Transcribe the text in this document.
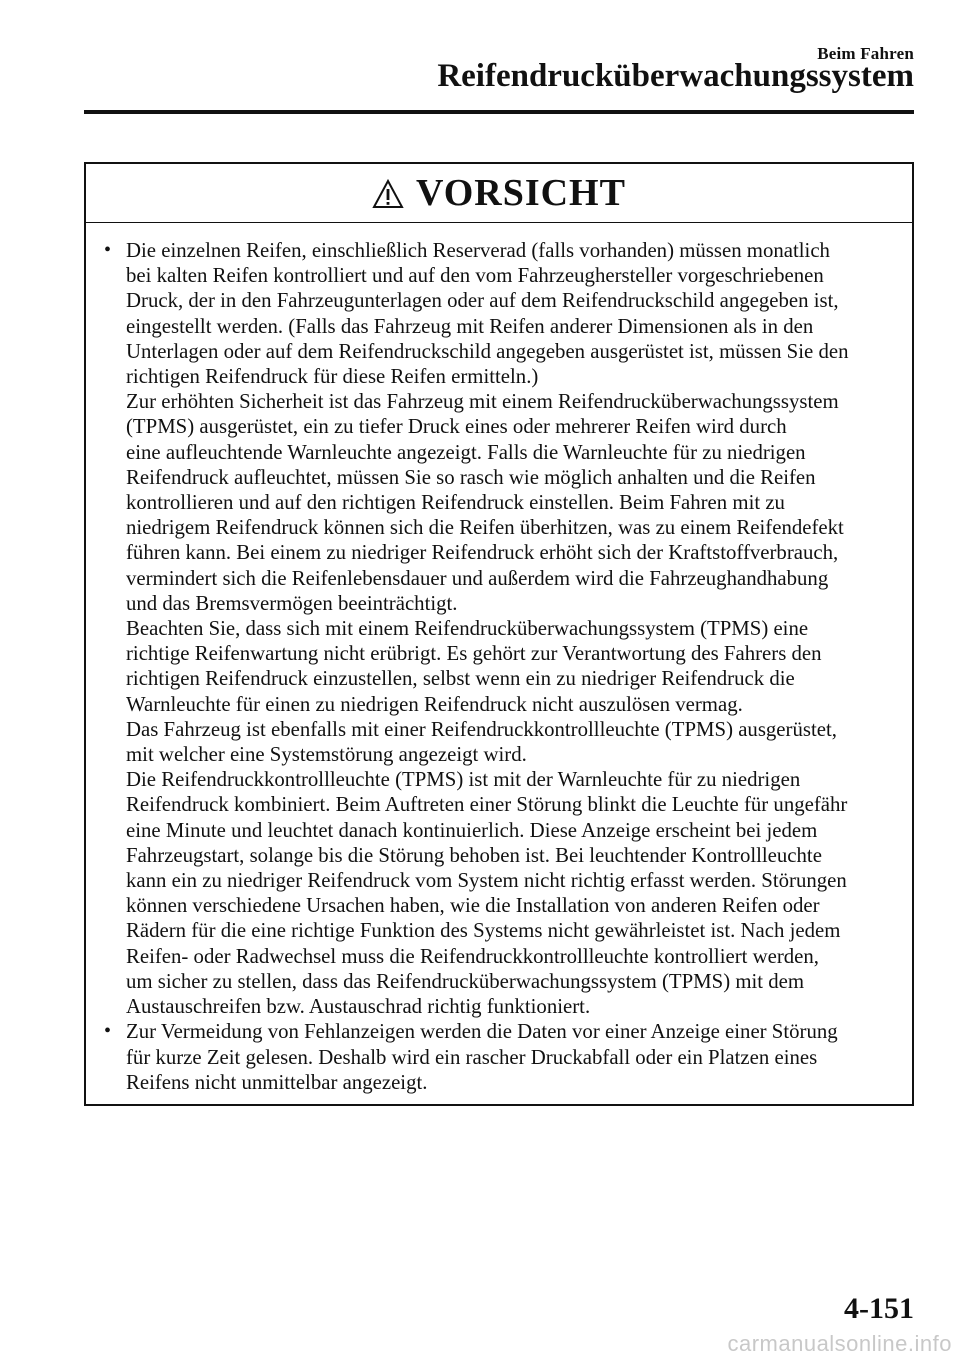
Beim Fahren
Reifendrucküberwachungssystem
VORSICHT
• Die einzelnen Reifen, einschließlich Reserverad (falls vorhanden) müssen monatlich

bei kalten Reifen kontrolliert und auf den vom Fahrzeughersteller vorgeschriebenen

Druck, der in den Fahrzeugunterlagen oder auf dem Reifendruckschild angegeben ist,

eingestellt werden. (Falls das Fahrzeug mit Reifen anderer Dimensionen als in den

Unterlagen oder auf dem Reifendruckschild angegeben ausgerüstet ist, müssen Sie den

richtigen Reifendruck für diese Reifen ermitteln.)

Zur erhöhten Sicherheit ist das Fahrzeug mit einem Reifendrucküberwachungssystem

(TPMS) ausgerüstet, ein zu tiefer Druck eines oder mehrerer Reifen wird durch

eine aufleuchtende Warnleuchte angezeigt. Falls die Warnleuchte für zu niedrigen

Reifendruck aufleuchtet, müssen Sie so rasch wie möglich anhalten und die Reifen

kontrollieren und auf den richtigen Reifendruck einstellen. Beim Fahren mit zu

niedrigem Reifendruck können sich die Reifen überhitzen, was zu einem Reifendefekt

führen kann. Bei einem zu niedriger Reifendruck erhöht sich der Kraftstoffverbrauch,

vermindert sich die Reifenlebensdauer und außerdem wird die Fahrzeughandhabung

und das Bremsvermögen beeinträchtigt.

Beachten Sie, dass sich mit einem Reifendrucküberwachungssystem (TPMS) eine

richtige Reifenwartung nicht erübrigt. Es gehört zur Verantwortung des Fahrers den

richtigen Reifendruck einzustellen, selbst wenn ein zu niedriger Reifendruck die

Warnleuchte für einen zu niedrigen Reifendruck nicht auszulösen vermag.

Das Fahrzeug ist ebenfalls mit einer Reifendruckkontrollleuchte (TPMS) ausgerüstet,

mit welcher eine Systemstörung angezeigt wird.

Die Reifendruckkontrollleuchte (TPMS) ist mit der Warnleuchte für zu niedrigen

Reifendruck kombiniert. Beim Auftreten einer Störung blinkt die Leuchte für ungefähr

eine Minute und leuchtet danach kontinuierlich. Diese Anzeige erscheint bei jedem

Fahrzeugstart, solange bis die Störung behoben ist. Bei leuchtender Kontrollleuchte

kann ein zu niedriger Reifendruck vom System nicht richtig erfasst werden. Störungen

können verschiedene Ursachen haben, wie die Installation von anderen Reifen oder

Rädern für die eine richtige Funktion des Systems nicht gewährleistet ist. Nach jedem

Reifen- oder Radwechsel muss die Reifendruckkontrollleuchte kontrolliert werden,

um sicher zu stellen, dass das Reifendrucküberwachungssystem (TPMS) mit dem

Austauschreifen bzw. Austauschrad richtig funktioniert.

• Zur Vermeidung von Fehlanzeigen werden die Daten vor einer Anzeige einer Störung

für kurze Zeit gelesen. Deshalb wird ein rascher Druckabfall oder ein Platzen eines

Reifens nicht unmittelbar angezeigt.

4-151
carmanualsonline.info
